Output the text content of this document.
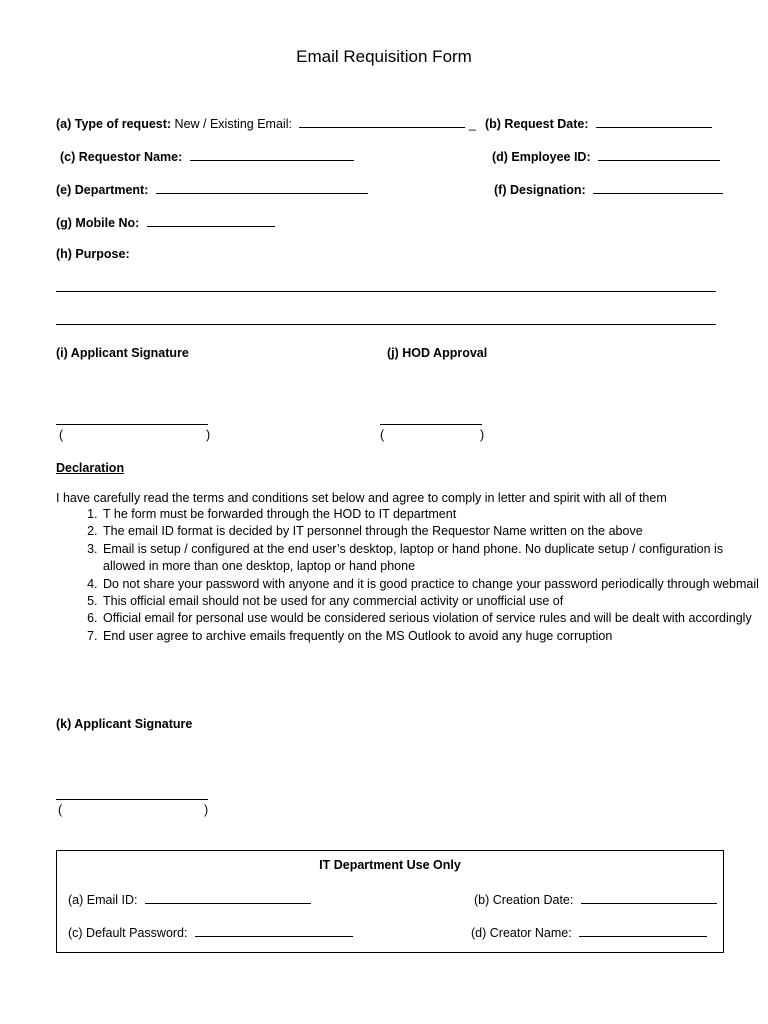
Email Requisition Form
(a) Type of request: New / Existing Email:	_ (b) Request Date:
(c) Requestor Name:	(d) Employee ID:
(e) Department:	(f) Designation:
(g) Mobile No:
(h) Purpose:
(i) Applicant Signature	(j) HOD Approval
(	)	(	)
Declaration
I have carefully read the terms and conditions set below and agree to comply in letter and spirit with all of them
1. T he form must be forwarded through the HOD to IT department
2. The email ID format is decided by IT personnel through the Requestor Name written on the above
3. Email is setup / configured at the end user’s desktop, laptop or hand phone. No duplicate setup / configuration is allowed in more than one desktop, laptop or hand phone
4. Do not share your password with anyone and it is good practice to change your password periodically through webmail
5. This official email should not be used for any commercial activity or unofficial use of
6. Official email for personal use would be considered serious violation of service rules and will be dealt with accordingly
7. End user agree to archive emails frequently on the MS Outlook to avoid any huge corruption
(k) Applicant Signature
(	)
IT Department Use Only
(a) Email ID:	(b) Creation Date:
(c) Default Password:	(d) Creator Name:
